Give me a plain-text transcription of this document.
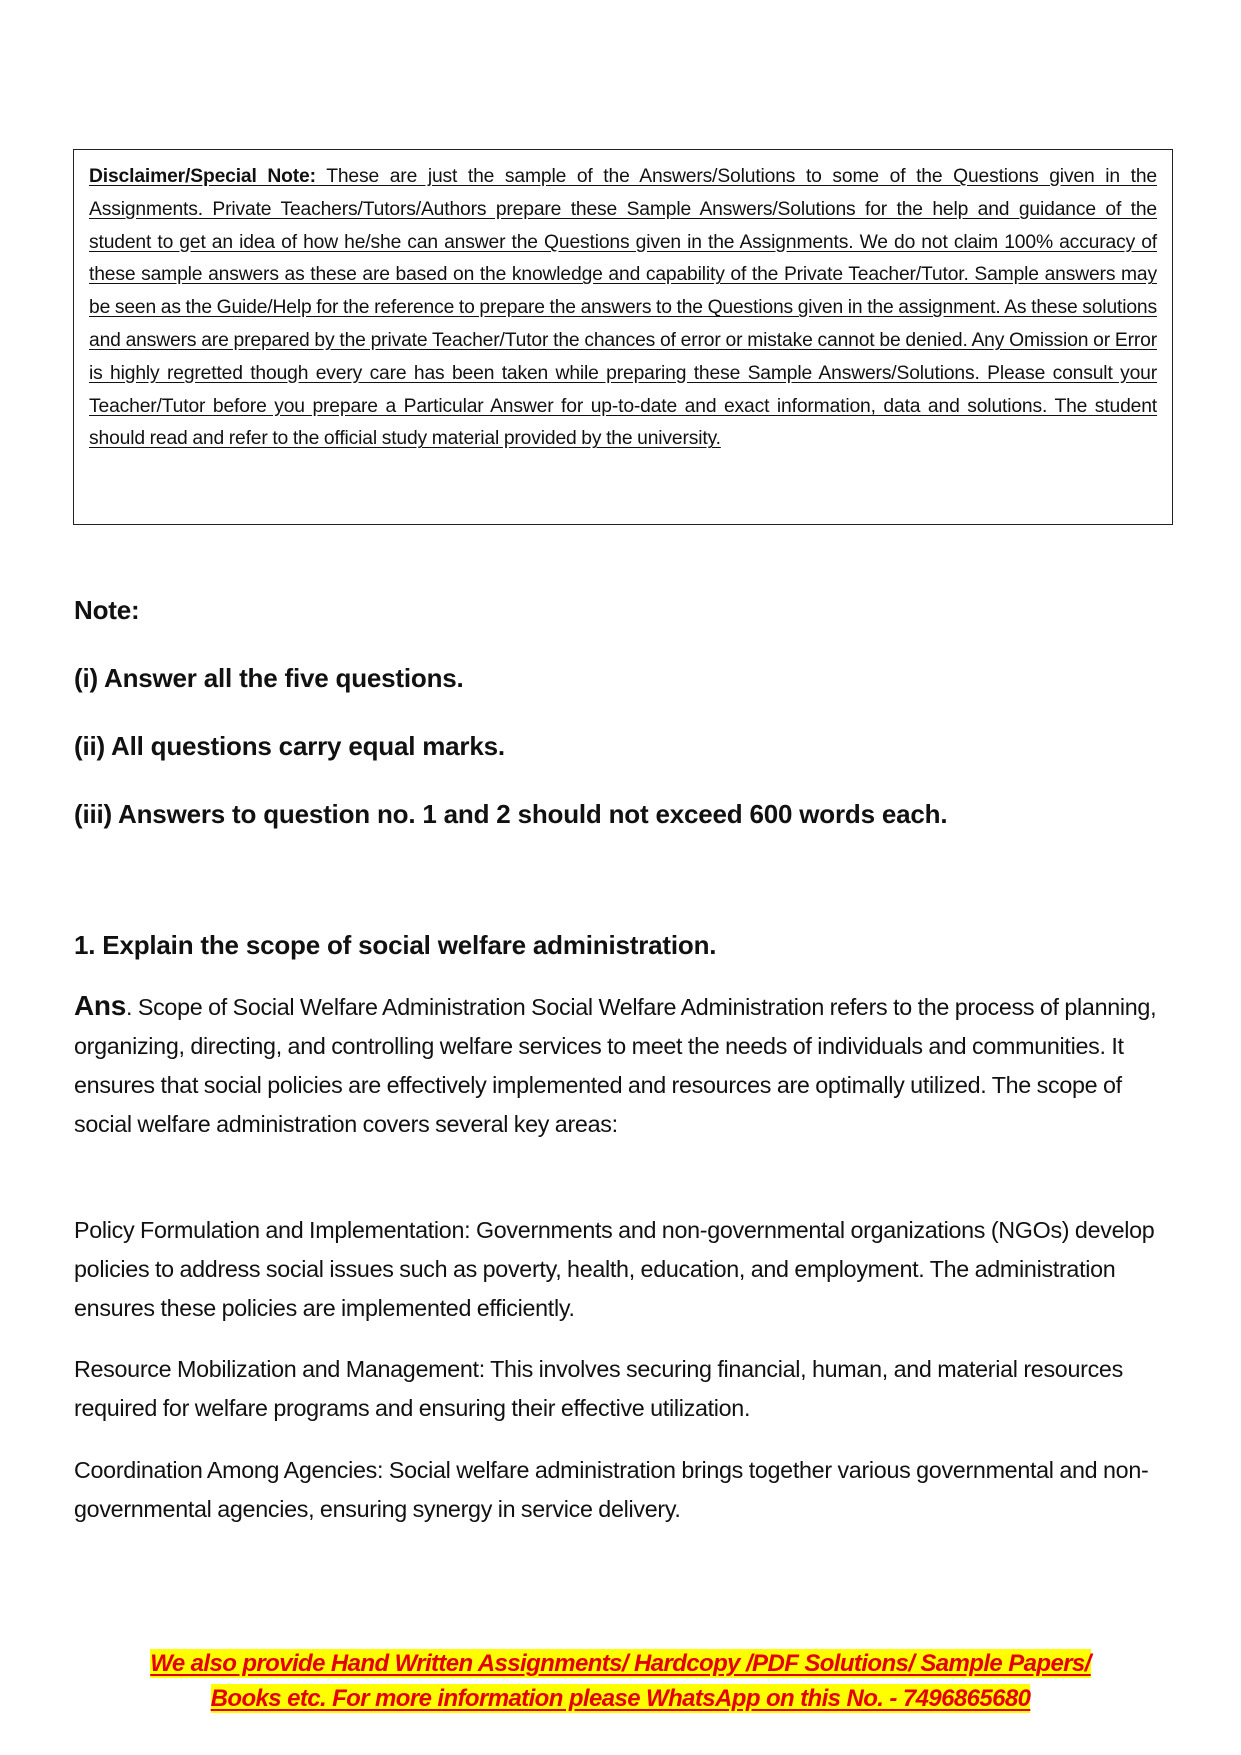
Disclaimer/Special Note: These are just the sample of the Answers/Solutions to some of the Questions given in the Assignments. Private Teachers/Tutors/Authors prepare these Sample Answers/Solutions for the help and guidance of the student to get an idea of how he/she can answer the Questions given in the Assignments. We do not claim 100% accuracy of these sample answers as these are based on the knowledge and capability of the Private Teacher/Tutor. Sample answers may be seen as the Guide/Help for the reference to prepare the answers to the Questions given in the assignment. As these solutions and answers are prepared by the private Teacher/Tutor the chances of error or mistake cannot be denied. Any Omission or Error is highly regretted though every care has been taken while preparing these Sample Answers/Solutions. Please consult your Teacher/Tutor before you prepare a Particular Answer for up-to-date and exact information, data and solutions. The student should read and refer to the official study material provided by the university.

Note:

(i) Answer all the five questions.

(ii) All questions carry equal marks.

(iii) Answers to question no. 1 and 2 should not exceed 600 words each.

1. Explain the scope of social welfare administration.

Ans. Scope of Social Welfare Administration Social Welfare Administration refers to the process of planning, organizing, directing, and controlling welfare services to meet the needs of individuals and communities. It ensures that social policies are effectively implemented and resources are optimally utilized. The scope of social welfare administration covers several key areas:

Policy Formulation and Implementation: Governments and non-governmental organizations (NGOs) develop policies to address social issues such as poverty, health, education, and employment. The administration ensures these policies are implemented efficiently.

Resource Mobilization and Management: This involves securing financial, human, and material resources required for welfare programs and ensuring their effective utilization.

Coordination Among Agencies: Social welfare administration brings together various governmental and non-governmental agencies, ensuring synergy in service delivery.

We also provide Hand Written Assignments/ Hardcopy /PDF Solutions/ Sample Papers/
Books etc. For more information please WhatsApp on this No. - 7496865680
